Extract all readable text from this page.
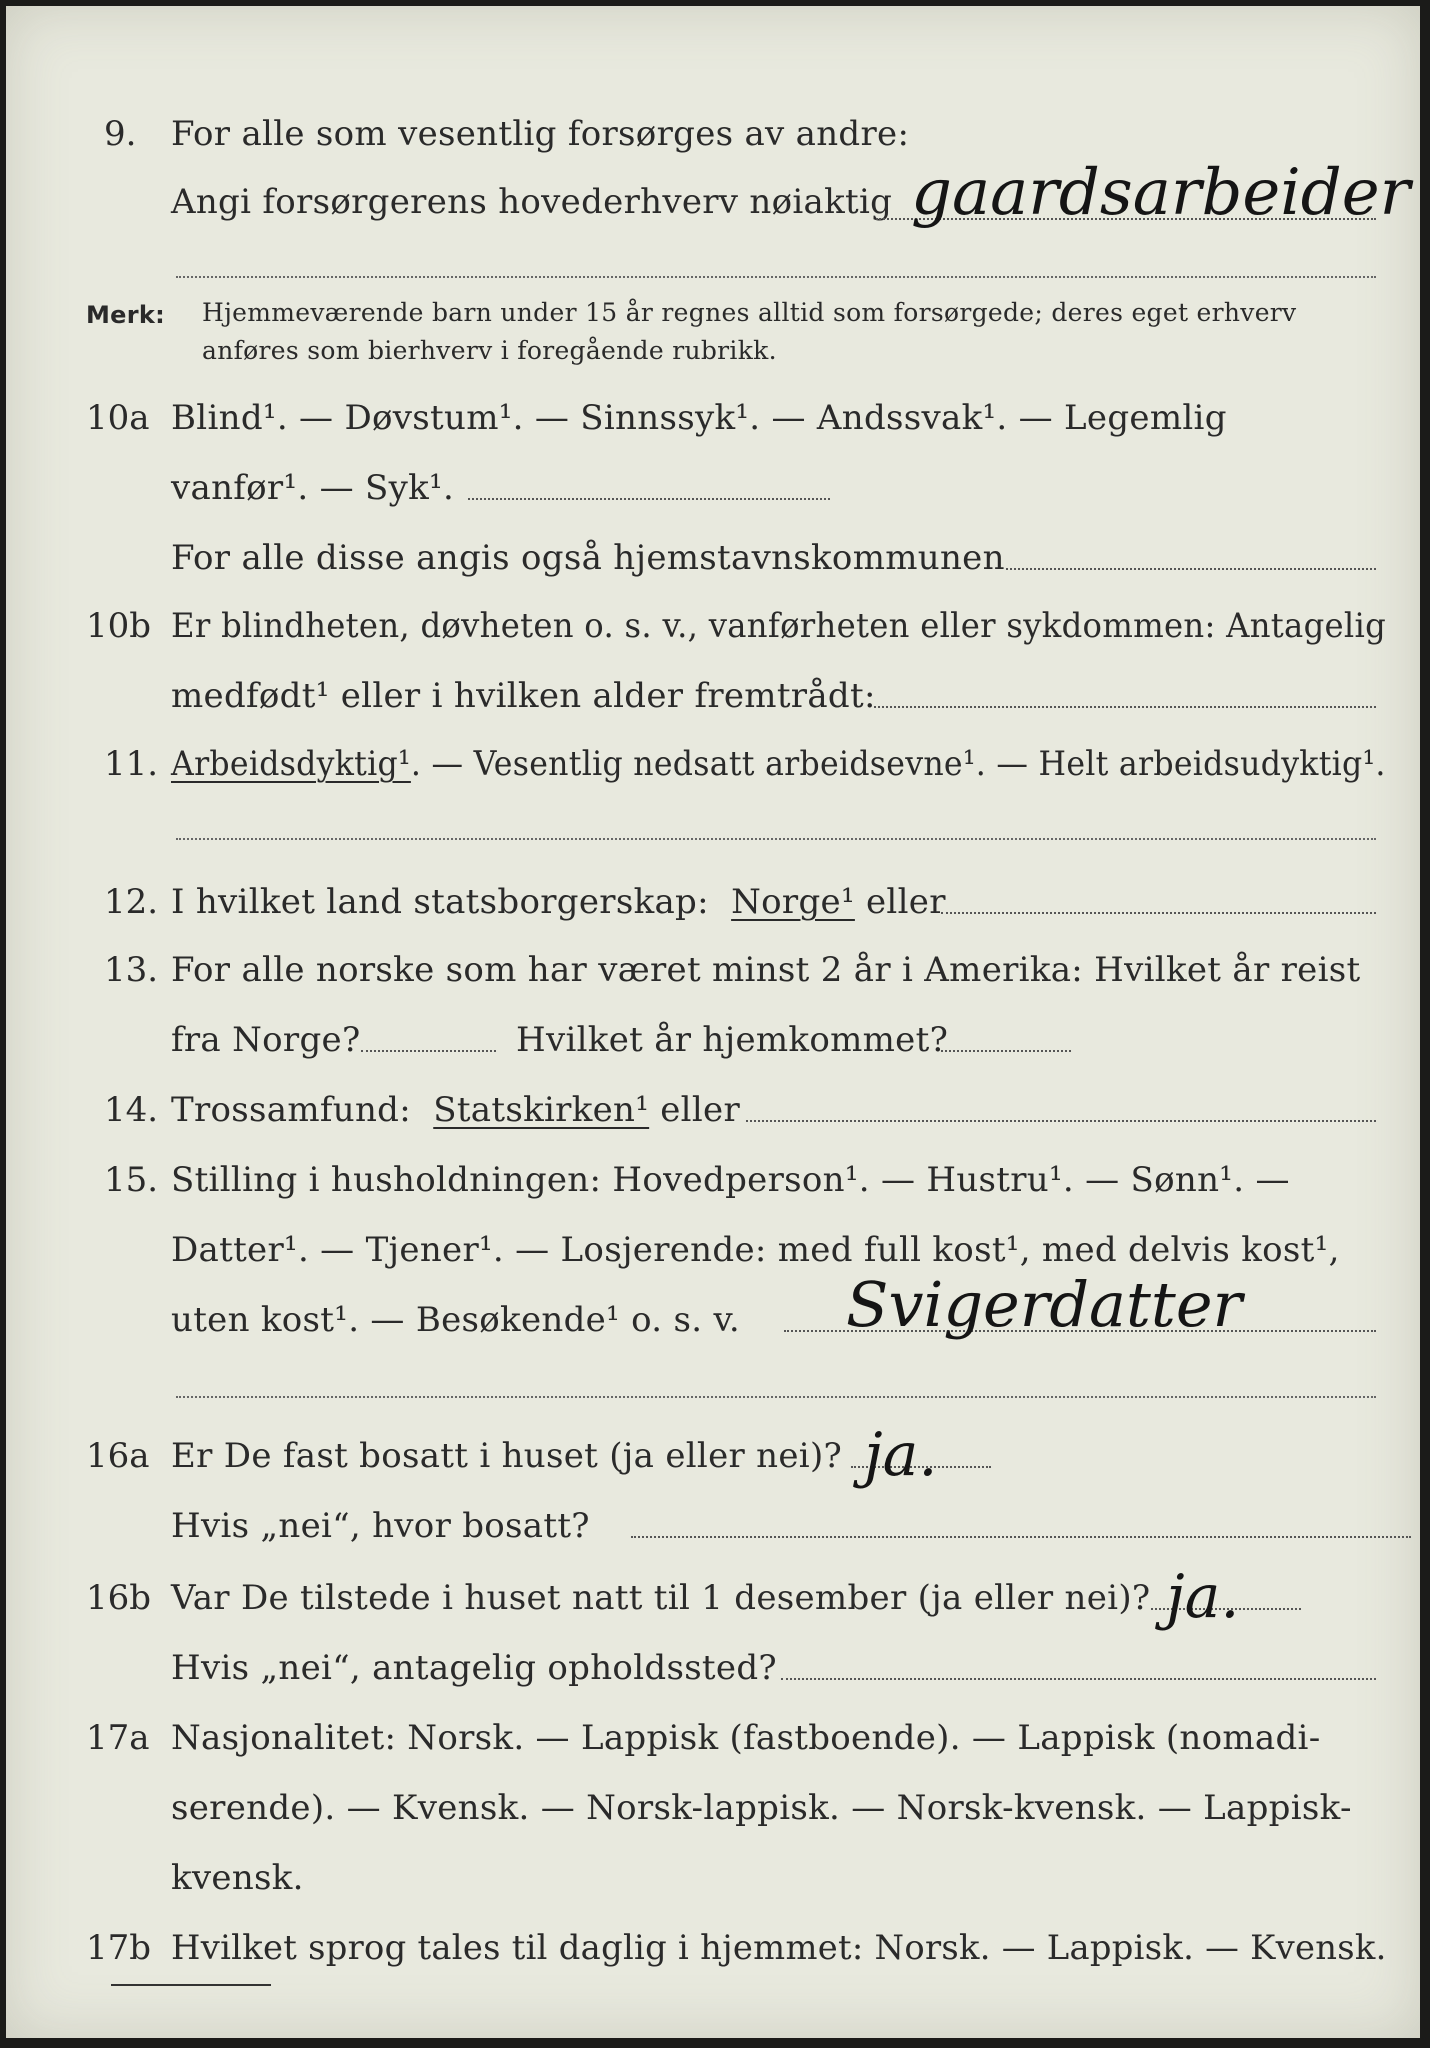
9. For alle som vesentlig forsørges av andre:
Angi forsørgerens hovederhverv nøiaktig gaardsarbeider
Merk: Hjemmeværende barn under 15 år regnes alltid som forsørgede; deres eget erhverv
anføres som bierhverv i foregående rubrikk.
10a Blind¹. — Døvstum¹. — Sinnssyk¹. — Andssvak¹. — Legemlig
vanfør¹. — Syk¹.
For alle disse angis også hjemstavnskommunen
10b Er blindheten, døvheten o. s. v., vanførheten eller sykdommen: Antagelig
medfødt¹ eller i hvilken alder fremtrådt:
11. Arbeidsdyktig¹. — Vesentlig nedsatt arbeidsevne¹. — Helt arbeidsudyktig¹.
12. I hvilket land statsborgerskap: Norge¹ eller
13. For alle norske som har været minst 2 år i Amerika: Hvilket år reist
fra Norge?	Hvilket år hjemkommet?
14. Trossamfund: Statskirken¹ eller
15. Stilling i husholdningen: Hovedperson¹. — Hustru¹. — Sønn¹. —
Datter¹. — Tjener¹. — Losjerende: med full kost¹, med delvis kost¹,
uten kost¹. — Besøkende¹ o. s. v. Svigerdatter
16a Er De fast bosatt i huset (ja eller nei)? ja.
Hvis „nei“, hvor bosatt?
16b Var De tilstede i huset natt til 1 desember (ja eller nei)? ja.
Hvis „nei“, antagelig opholdssted?
17a Nasjonalitet: Norsk. — Lappisk (fastboende). — Lappisk (nomadi-
serende). — Kvensk. — Norsk-lappisk. — Norsk-kvensk. — Lappisk-
kvensk.
17b Hvilket sprog tales til daglig i hjemmet: Norsk. — Lappisk. — Kvensk.
